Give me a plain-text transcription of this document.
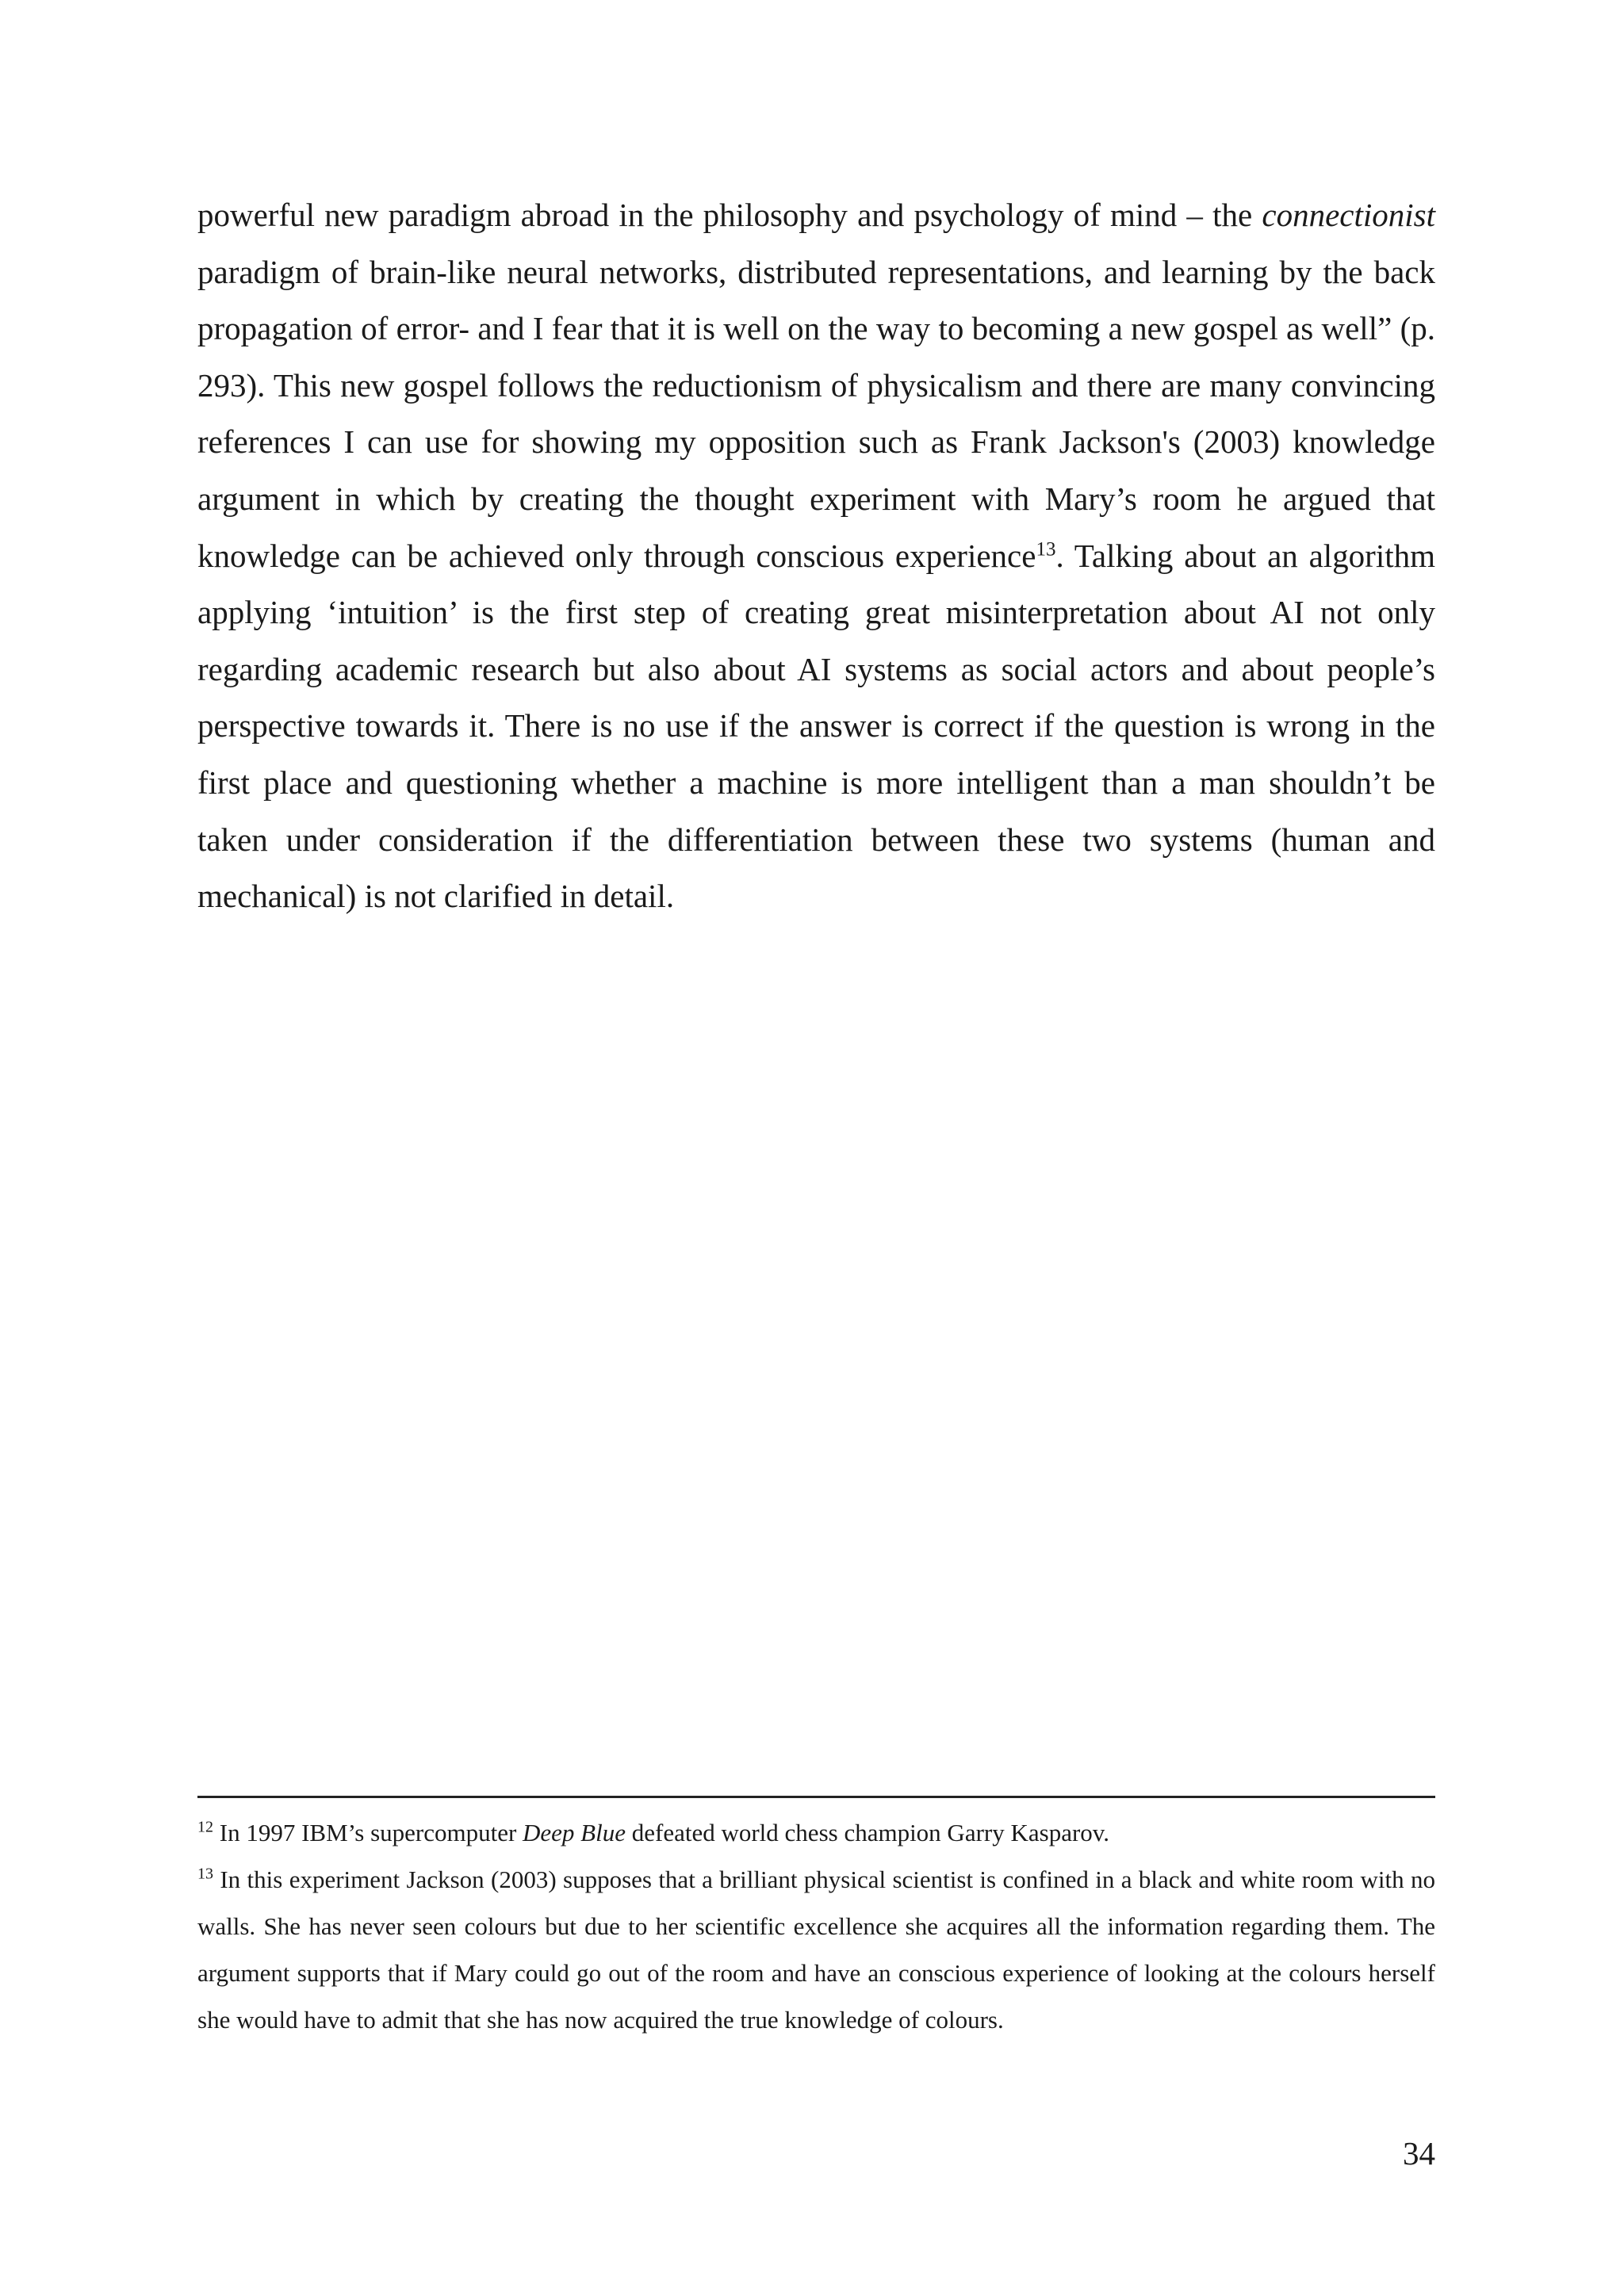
powerful new paradigm abroad in the philosophy and psychology of mind – the connectionist paradigm of brain-like neural networks, distributed representations, and learning by the back propagation of error- and I fear that it is well on the way to becoming a new gospel as well” (p. 293). This new gospel follows the reductionism of physicalism and there are many convincing references I can use for showing my opposition such as Frank Jackson's (2003) knowledge argument in which by creating the thought experiment with Mary’s room he argued that knowledge can be achieved only through conscious experience$^{13}$. Talking about an algorithm applying ‘intuition’ is the first step of creating great misinterpretation about AI not only regarding academic research but also about AI systems as social actors and about people’s perspective towards it. There is no use if the answer is correct if the question is wrong in the first place and questioning whether a machine is more intelligent than a man shouldn’t be taken under consideration if the differentiation between these two systems (human and mechanical) is not clarified in detail.

$^{12}$ In 1997 IBM’s supercomputer Deep Blue defeated world chess champion Garry Kasparov.

$^{13}$ In this experiment Jackson (2003) supposes that a brilliant physical scientist is confined in a black and white room with no walls. She has never seen colours but due to her scientific excellence she acquires all the information regarding them. The argument supports that if Mary could go out of the room and have an conscious experience of looking at the colours herself she would have to admit that she has now acquired the true knowledge of colours.

34
